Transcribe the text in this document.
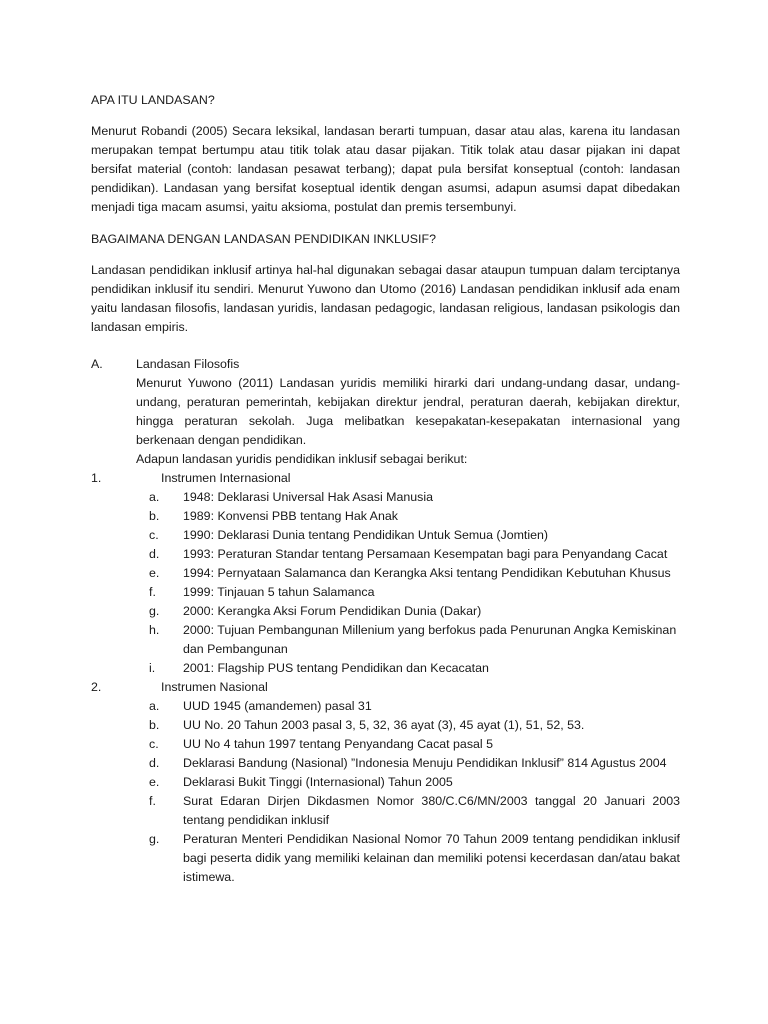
APA ITU LANDASAN?

Menurut Robandi (2005) Secara leksikal, landasan berarti tumpuan, dasar atau alas, karena itu landasan merupakan tempat bertumpu atau titik tolak atau dasar pijakan. Titik tolak atau dasar pijakan ini dapat bersifat material (contoh: landasan pesawat terbang); dapat pula bersifat konseptual (contoh: landasan pendidikan). Landasan yang bersifat koseptual identik dengan asumsi, adapun asumsi dapat dibedakan menjadi tiga macam asumsi, yaitu aksioma, postulat dan premis tersembunyi.

BAGAIMANA DENGAN LANDASAN PENDIDIKAN INKLUSIF?

Landasan pendidikan inklusif artinya hal-hal digunakan sebagai dasar ataupun tumpuan dalam terciptanya pendidikan inklusif itu sendiri. Menurut Yuwono dan Utomo (2016) Landasan pendidikan inklusif ada enam yaitu landasan filosofis, landasan yuridis, landasan pedagogic, landasan religious, landasan psikologis dan landasan empiris.

A.	Landasan Filosofis

Menurut Yuwono (2011) Landasan yuridis memiliki hirarki dari undang-undang dasar, undang-undang, peraturan pemerintah, kebijakan direktur jendral, peraturan daerah, kebijakan direktur, hingga peraturan sekolah. Juga melibatkan kesepakatan-kesepakatan internasional yang berkenaan dengan pendidikan.

Adapun landasan yuridis pendidikan inklusif sebagai berikut:

1.	Instrumen Internasional

a.	1948: Deklarasi Universal Hak Asasi Manusia
b.	1989: Konvensi PBB tentang Hak Anak
c.	1990: Deklarasi Dunia tentang Pendidikan Untuk Semua (Jomtien)
d.	1993: Peraturan Standar tentang Persamaan Kesempatan bagi para Penyandang Cacat
e.	1994: Pernyataan Salamanca dan Kerangka Aksi tentang Pendidikan Kebutuhan Khusus
f.	1999: Tinjauan 5 tahun Salamanca
g.	2000: Kerangka Aksi Forum Pendidikan Dunia (Dakar)
h.	2000: Tujuan Pembangunan Millenium yang berfokus pada Penurunan Angka Kemiskinan dan Pembangunan
i.	2001: Flagship PUS tentang Pendidikan dan Kecacatan
2.	Instrumen Nasional

a.	UUD 1945 (amandemen) pasal 31
b.	UU No. 20 Tahun 2003 pasal 3, 5, 32, 36 ayat (3), 45 ayat (1), 51, 52, 53.
c.	UU No 4 tahun 1997 tentang Penyandang Cacat pasal 5
d.	Deklarasi Bandung (Nasional) ”Indonesia Menuju Pendidikan Inklusif” 814 Agustus 2004
e.	Deklarasi Bukit Tinggi (Internasional) Tahun 2005
f.	Surat Edaran Dirjen Dikdasmen Nomor 380/C.C6/MN/2003 tanggal 20 Januari 2003 tentang pendidikan inklusif
g.	Peraturan Menteri Pendidikan Nasional Nomor 70 Tahun 2009 tentang pendidikan inklusif bagi peserta didik yang memiliki kelainan dan memiliki potensi kecerdasan dan/atau bakat istimewa.
